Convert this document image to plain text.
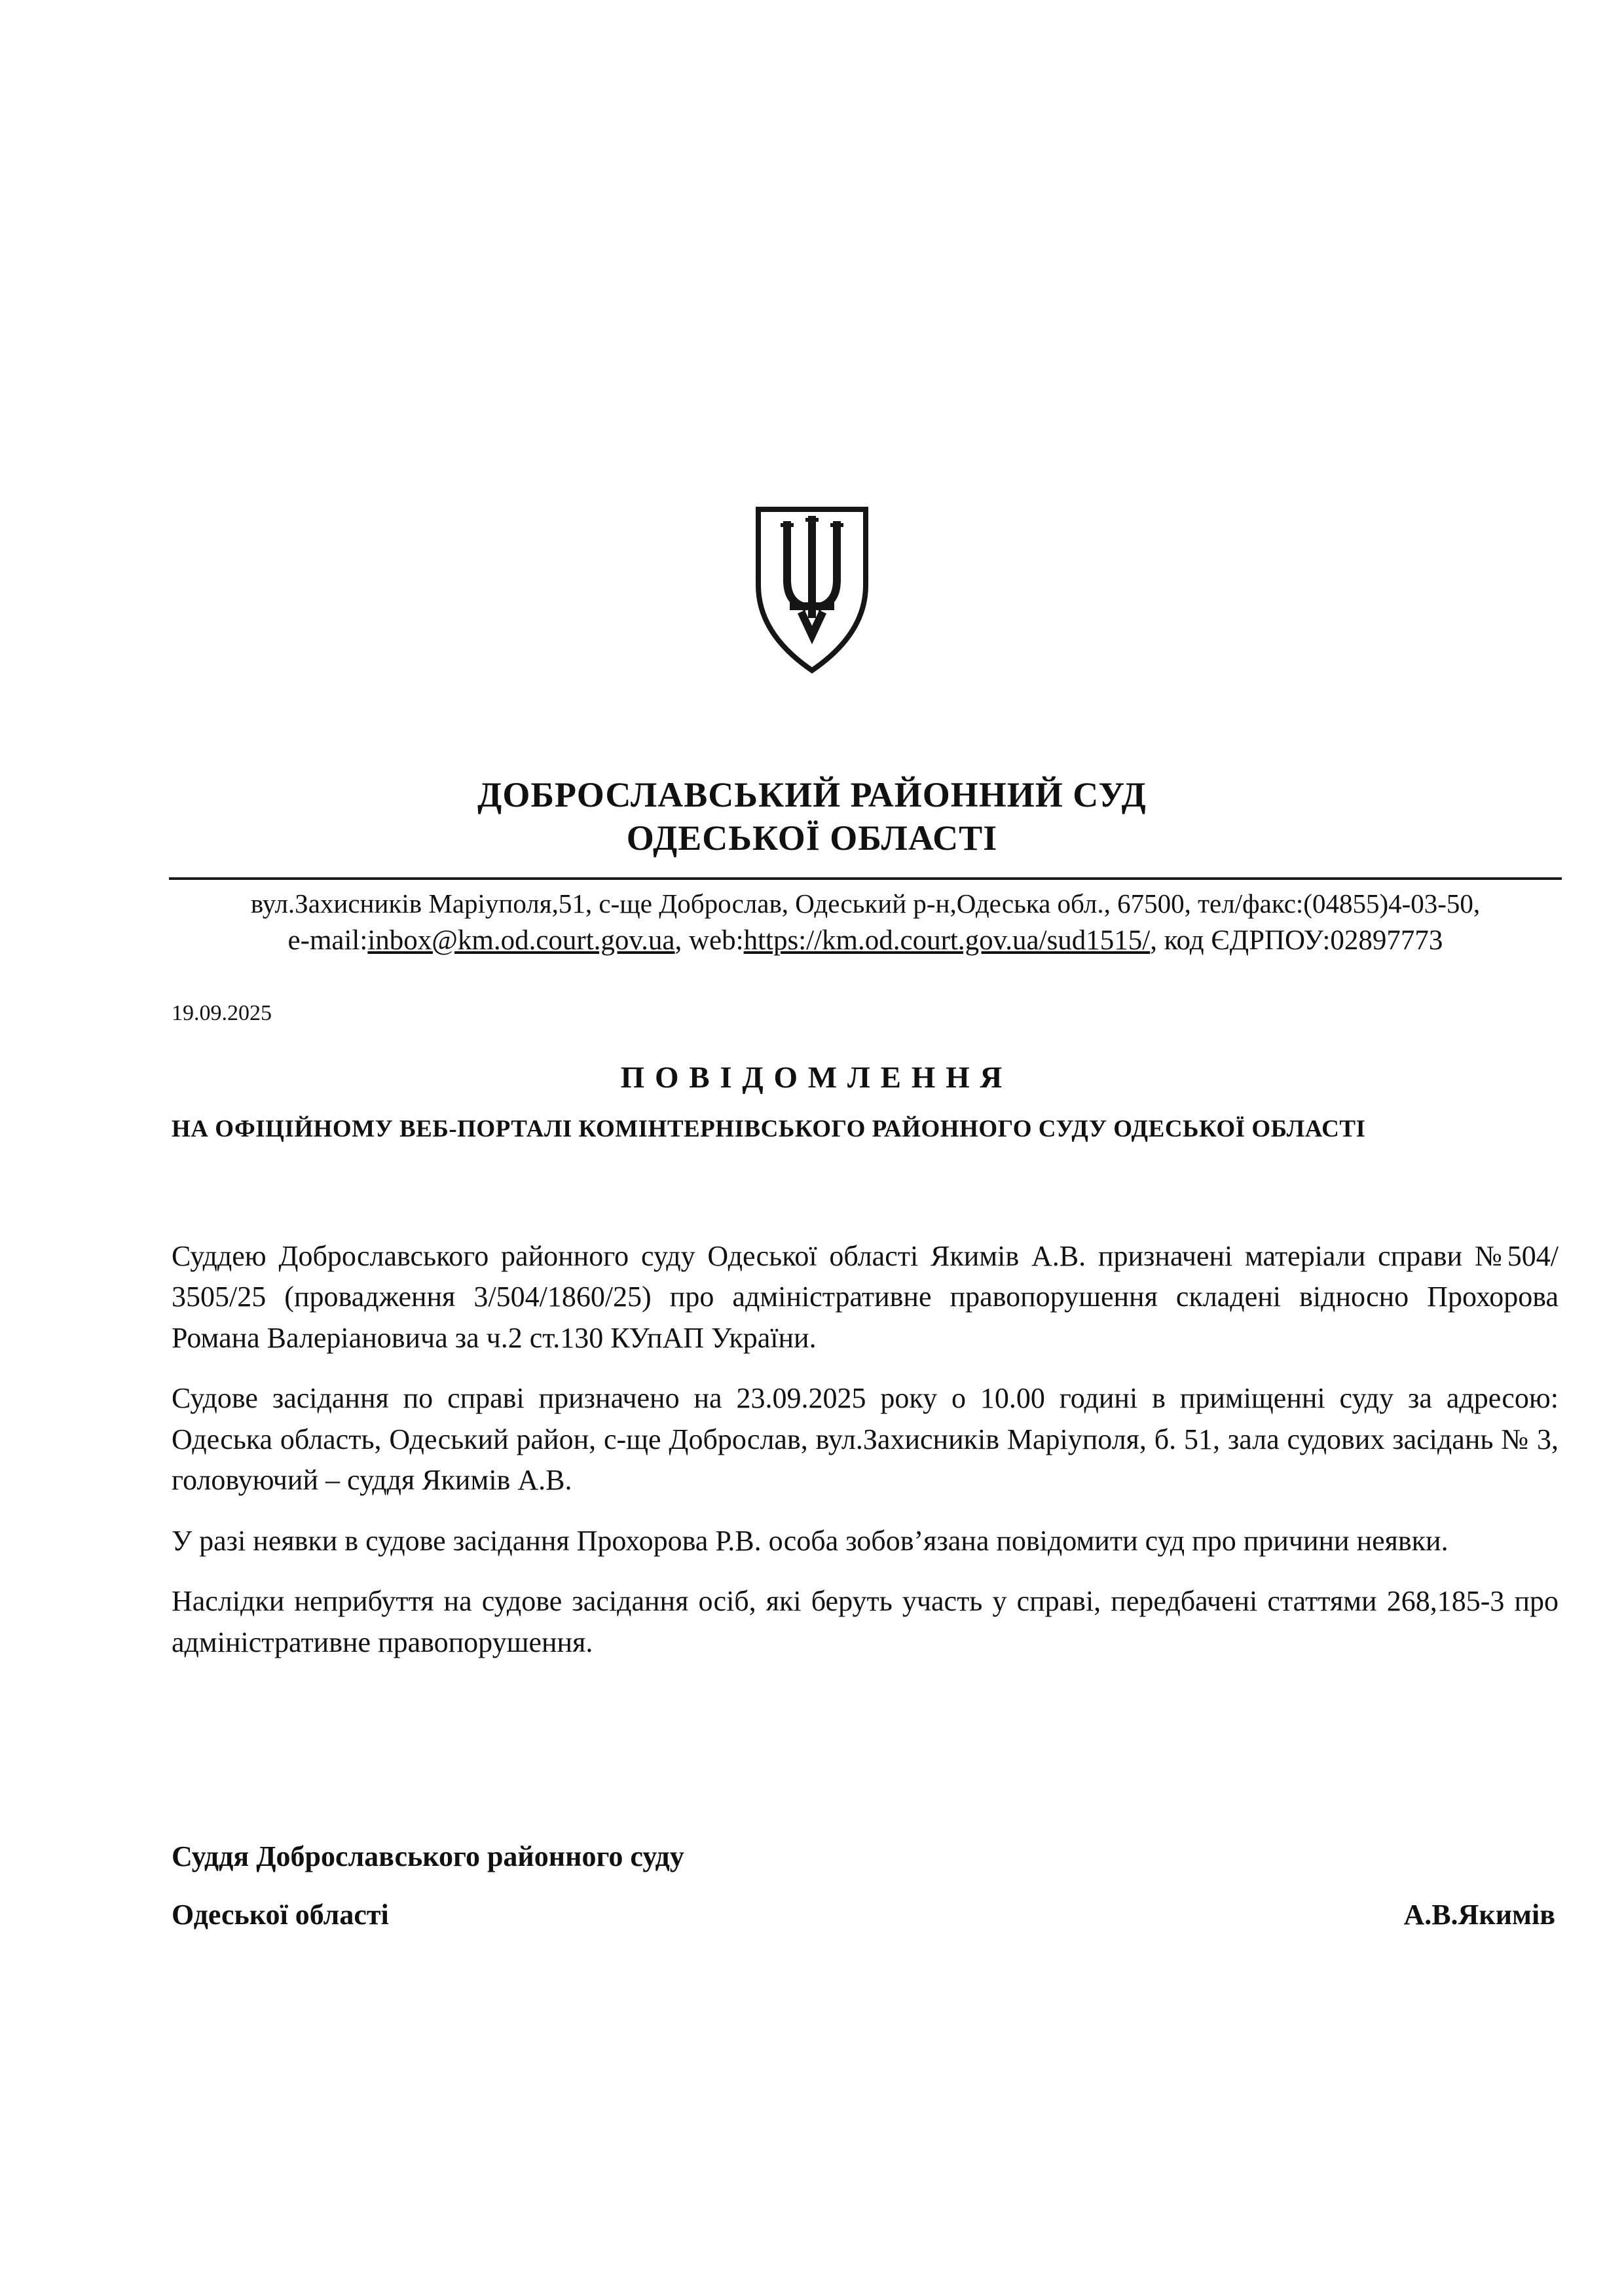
ДОБРОСЛАВСЬКИЙ РАЙОННИЙ СУД
ОДЕСЬКОЇ ОБЛАСТІ
вул.Захисників Маріуполя,51, с-ще Доброслав, Одеський р-н,Одеська обл., 67500, тел/факс:(04855)4-03-50,
e-mail:inbox@km.od.court.gov.ua, web:https://km.od.court.gov.ua/sud1515/, код ЄДРПОУ:02897773
19.09.2025
П О В І Д О М Л Е Н Н Я
НА ОФІЦІЙНОМУ ВЕБ-ПОРТАЛІ КОМІНТЕРНІВСЬКОГО РАЙОННОГО СУДУ ОДЕСЬКОЇ ОБЛАСТІ

Суддею Доброславського районного суду Одеської області Якимів А.В. призначені матеріали справи №504/ 3505/25 (провадження 3/504/1860/25) про адміністративне правопорушення складені відносно Прохорова Романа Валеріановича за ч.2 ст.130 КУпАП України.

Судове засідання по справі призначено на 23.09.2025 року о 10.00 годині в приміщенні суду за адресою: Одеська область, Одеський район, с-ще Доброслав, вул.Захисників Маріуполя, б. 51, зала судових засідань № 3, головуючий – суддя Якимів А.В.

У разі неявки в судове засідання Прохорова Р.В. особа зобов’язана повідомити суд про причини неявки.

Наслідки неприбуття на судове засідання осіб, які беруть участь у справі, передбачені статтями 268,185-3 про адміністративне правопорушення.

Суддя Доброславського районного суду
Одеської області	А.В.Якимів
